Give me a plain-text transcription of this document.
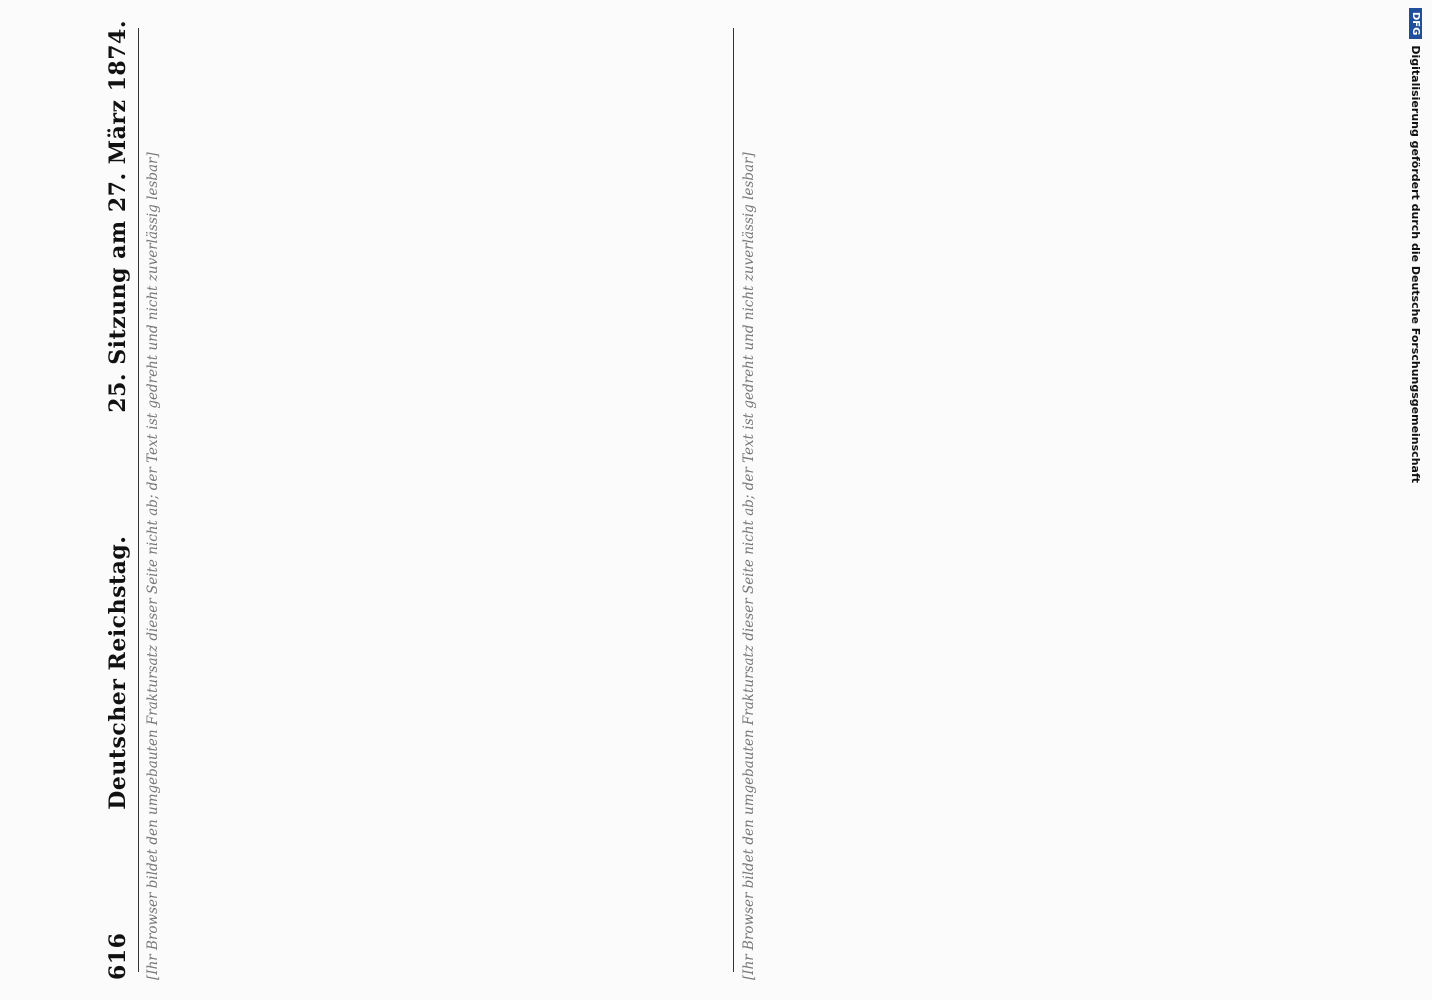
616
Deutscher Reichstag.
25. Sitzung am 27. März 1874. [Ihr Browser bildet den umgebauten Fraktursatz dieser Seite nicht ab; der Text ist gedreht und nicht zuverlässig lesbar]	[Ihr Browser bildet den umgebauten Fraktursatz dieser Seite nicht ab; der Text ist gedreht und nicht zuverlässig lesbar]
DFG
Digitalisierung gefördert durch die Deutsche Forschungsgemeinschaft
